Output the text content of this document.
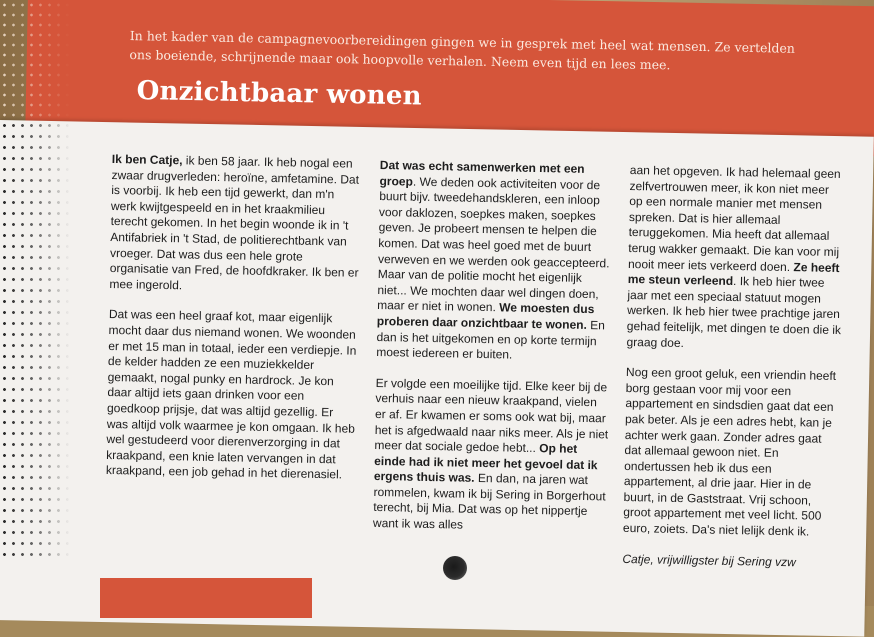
In het kader van de campagnevoorbereidingen gingen we in gesprek met heel wat mensen. Ze vertelden ons boeiende, schrijnende maar ook hoopvolle verhalen. Neem even tijd en lees mee.
Onzichtbaar wonen

Ik ben Catje, ik ben 58 jaar. Ik heb nogal een zwaar drugverleden: heroïne, amfetamine. Dat is voorbij. Ik heb een tijd gewerkt, dan m'n werk kwijtgespeeld en in het kraakmilieu terecht gekomen. In het begin woonde ik in 't Antifabriek in 't Stad, de politierechtbank van vroeger. Dat was dus een hele grote organisatie van Fred, de hoofdkraker. Ik ben er mee ingerold.

Dat was een heel graaf kot, maar eigenlijk mocht daar dus niemand wonen. We woonden er met 15 man in totaal, ieder een verdiepje. In de kelder hadden ze een muziekkelder gemaakt, nogal punky en hardrock. Je kon daar altijd iets gaan drinken voor een goedkoop prijsje, dat was altijd gezellig. Er was altijd volk waarmee je kon omgaan. Ik heb wel gestudeerd voor dierenverzorging in dat kraakpand, een knie laten vervangen in dat kraakpand, een job gehad in het dierenasiel.

Dat was echt samenwerken met een groep. We deden ook activiteiten voor de buurt bijv. tweedehandskleren, een inloop voor daklozen, soepkes maken, soepkes geven. Je probeert mensen te helpen die komen. Dat was heel goed met de buurt verweven en we werden ook geaccepteerd. Maar van de politie mocht het eigenlijk niet... We mochten daar wel dingen doen, maar er niet in wonen. We moesten dus proberen daar onzichtbaar te wonen. En dan is het uitgekomen en op korte termijn moest iedereen er buiten.

Er volgde een moeilijke tijd. Elke keer bij de verhuis naar een nieuw kraakpand, vielen er af. Er kwamen er soms ook wat bij, maar het is afgedwaald naar niks meer. Als je niet meer dat sociale gedoe hebt... Op het einde had ik niet meer het gevoel dat ik ergens thuis was. En dan, na jaren wat rommelen, kwam ik bij Sering in Borgerhout terecht, bij Mia. Dat was op het nippertje want ik was alles

aan het opgeven. Ik had helemaal geen zelfvertrouwen meer, ik kon niet meer op een normale manier met mensen spreken. Dat is hier allemaal teruggekomen. Mia heeft dat allemaal terug wakker gemaakt. Die kan voor mij nooit meer iets verkeerd doen. Ze heeft me steun verleend. Ik heb hier twee jaar met een speciaal statuut mogen werken. Ik heb hier twee prachtige jaren gehad feitelijk, met dingen te doen die ik graag doe.

Nog een groot geluk, een vriendin heeft borg gestaan voor mij voor een appartement en sindsdien gaat dat een pak beter. Als je een adres hebt, kan je achter werk gaan. Zonder adres gaat dat allemaal gewoon niet. En ondertussen heb ik dus een appartement, al drie jaar. Hier in de buurt, in de Gaststraat. Vrij schoon, groot appartement met veel licht. 500 euro, zoiets. Da's niet lelijk denk ik.

Catje, vrijwilligster bij Sering vzw
